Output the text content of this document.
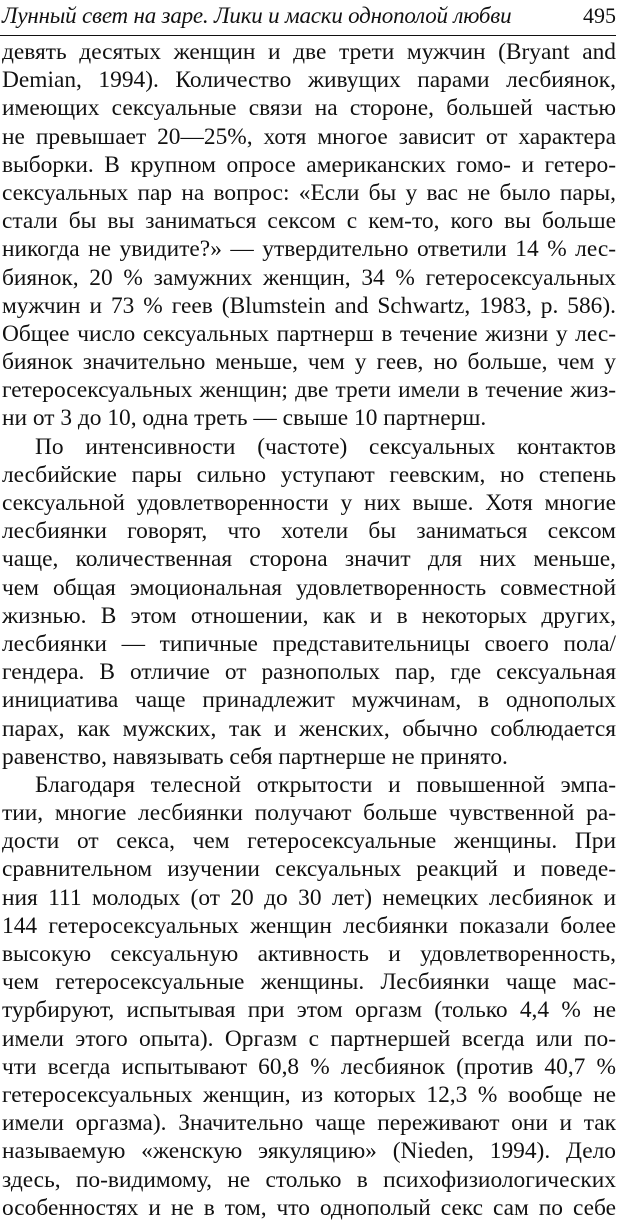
Лунный свет на заре. Лики и маски однополой любви	495
девять десятых женщин и две трети мужчин (Bryant and
Demian, 1994). Количество живущих парами лесбиянок,
имеющих сексуальные связи на стороне, большей частью
не превышает 20—25%, хотя многое зависит от характера
выборки. В крупном опросе американских гомо- и гетеро-
сексуальных пар на вопрос: «Если бы у вас не было пары,
стали бы вы заниматься сексом с кем-то, кого вы больше
никогда не увидите?» — утвердительно ответили 14 % лес-
биянок, 20 % замужних женщин, 34 % гетеросексуальных
мужчин и 73 % геев (Blumstein and Schwartz, 1983, p. 586).
Общее число сексуальных партнерш в течение жизни у лес-
биянок значительно меньше, чем у геев, но больше, чем у
гетеросексуальных женщин; две трети имели в течение жиз-
ни от 3 до 10, одна треть — свыше 10 партнерш.
По интенсивности (частоте) сексуальных контактов
лесбийские пары сильно уступают геевским, но степень
сексуальной удовлетворенности у них выше. Хотя многие
лесбиянки говорят, что хотели бы заниматься сексом
чаще, количественная сторона значит для них меньше,
чем общая эмоциональная удовлетворенность совместной
жизнью. В этом отношении, как и в некоторых других,
лесбиянки — типичные представительницы своего пола/
гендера. В отличие от разнополых пар, где сексуальная
инициатива чаще принадлежит мужчинам, в однополых
парах, как мужских, так и женских, обычно соблюдается
равенство, навязывать себя партнерше не принято.
Благодаря телесной открытости и повышенной эмпа-
тии, многие лесбиянки получают больше чувственной ра-
дости от секса, чем гетеросексуальные женщины. При
сравнительном изучении сексуальных реакций и поведе-
ния 111 молодых (от 20 до 30 лет) немецких лесбиянок и
144 гетеросексуальных женщин лесбиянки показали более
высокую сексуальную активность и удовлетворенность,
чем гетеросексуальные женщины. Лесбиянки чаще мас-
турбируют, испытывая при этом оргазм (только 4,4 % не
имели этого опыта). Оргазм с партнершей всегда или по-
чти всегда испытывают 60,8 % лесбиянок (против 40,7 %
гетеросексуальных женщин, из которых 12,3 % вообще не
имели оргазма). Значительно чаще переживают они и так
называемую «женскую эякуляцию» (Nieden, 1994). Дело
здесь, по-видимому, не столько в психофизиологических
особенностях и не в том, что однополый секс сам по себе
